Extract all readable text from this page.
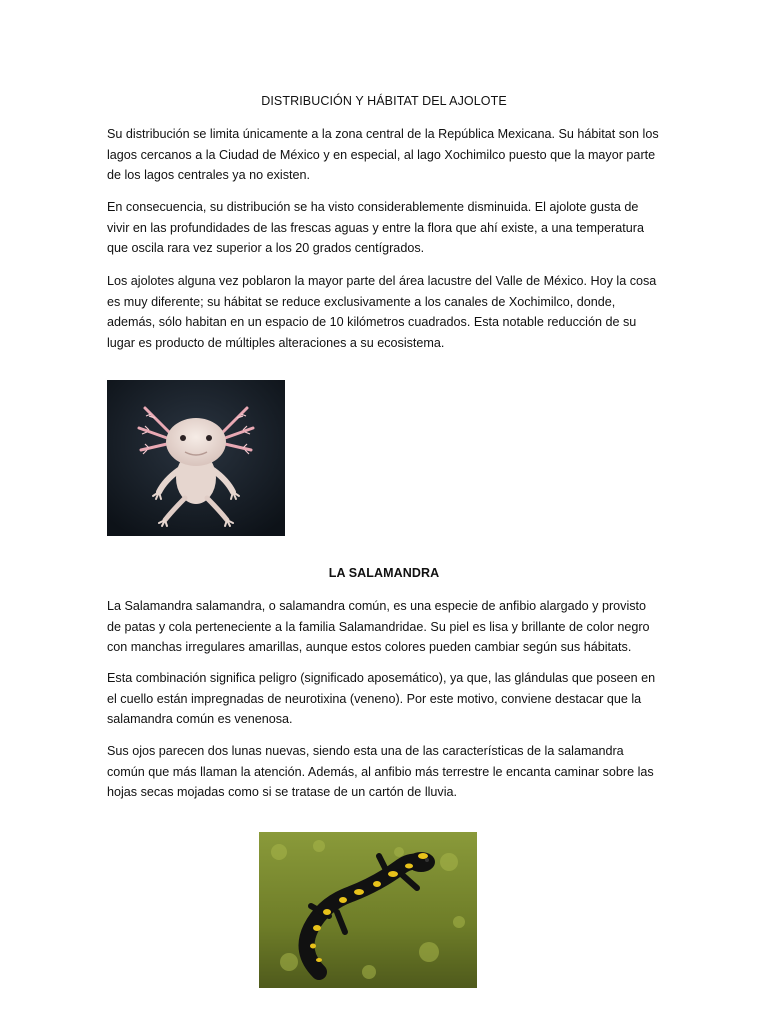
DISTRIBUCIÓN Y HÁBITAT DEL AJOLOTE

Su distribución se limita únicamente a la zona central de la República Mexicana. Su hábitat son los lagos cercanos a la Ciudad de México y en especial, al lago Xochimilco puesto que la mayor parte de los lagos centrales ya no existen.

En consecuencia, su distribución se ha visto considerablemente disminuida. El ajolote gusta de vivir en las profundidades de las frescas aguas y entre la flora que ahí existe, a una temperatura que oscila rara vez superior a los 20 grados centígrados.

Los ajolotes alguna vez poblaron la mayor parte del área lacustre del Valle de México. Hoy la cosa es muy diferente; su hábitat se reduce exclusivamente a los canales de Xochimilco, donde, además, sólo habitan en un espacio de 10 kilómetros cuadrados. Esta notable reducción de su lugar es producto de múltiples alteraciones a su ecosistema.

LA SALAMANDRA

La Salamandra salamandra, o salamandra común, es una especie de anfibio alargado y provisto de patas y cola perteneciente a la familia Salamandridae. Su piel es lisa y brillante de color negro con manchas irregulares amarillas, aunque estos colores pueden cambiar según sus hábitats.

Esta combinación significa peligro (significado aposemático), ya que, las glándulas que poseen en el cuello están impregnadas de neurotixina (veneno). Por este motivo, conviene destacar que la salamandra común es venenosa.

Sus ojos parecen dos lunas nuevas, siendo esta una de las características de la salamandra común que más llaman la atención. Además, al anfibio más terrestre le encanta caminar sobre las hojas secas mojadas como si se tratase de un cartón de lluvia.
